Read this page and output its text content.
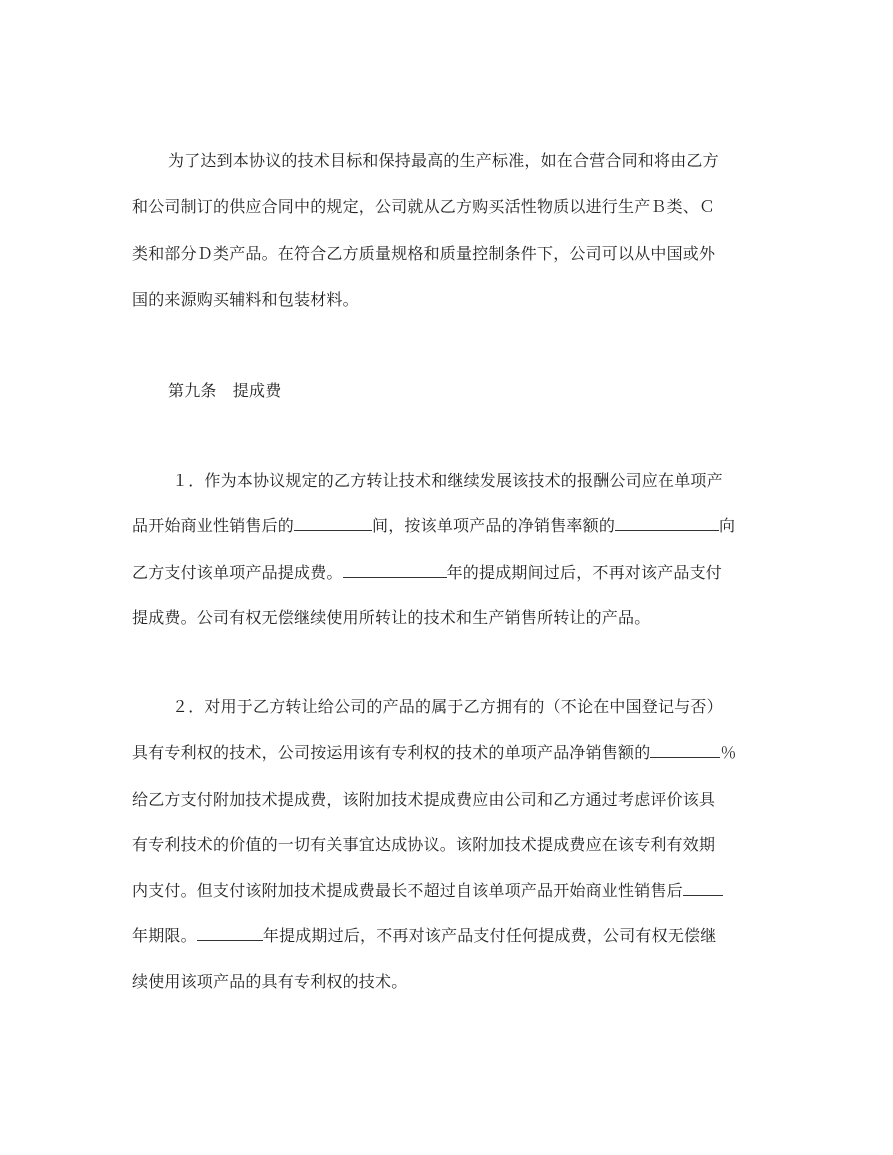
为了达到本协议的技术目标和保持最高的生产标准，如在合营合同和将由乙方
和公司制订的供应合同中的规定，公司就从乙方购买活性物质以进行生产Ｂ类、Ｃ
类和部分Ｄ类产品。在符合乙方质量规格和质量控制条件下，公司可以从中国或外
国的来源购买辅料和包装材料。
第九条　提成费
１．作为本协议规定的乙方转让技术和继续发展该技术的报酬公司应在单项产
品开始商业性销售后的	间，按该单项产品的净销售率额的	向
乙方支付该单项产品提成费。	年的提成期间过后，不再对该产品支付
提成费。公司有权无偿继续使用所转让的技术和生产销售所转让的产品。
２．对用于乙方转让给公司的产品的属于乙方拥有的（不论在中国登记与否）
具有专利权的技术，公司按运用该有专利权的技术的单项产品净销售额的	％
给乙方支付附加技术提成费，该附加技术提成费应由公司和乙方通过考虑评价该具
有专利技术的价值的一切有关事宜达成协议。该附加技术提成费应在该专利有效期
内支付。但支付该附加技术提成费最长不超过自该单项产品开始商业性销售后
年期限。	年提成期过后，不再对该产品支付任何提成费，公司有权无偿继
续使用该项产品的具有专利权的技术。
